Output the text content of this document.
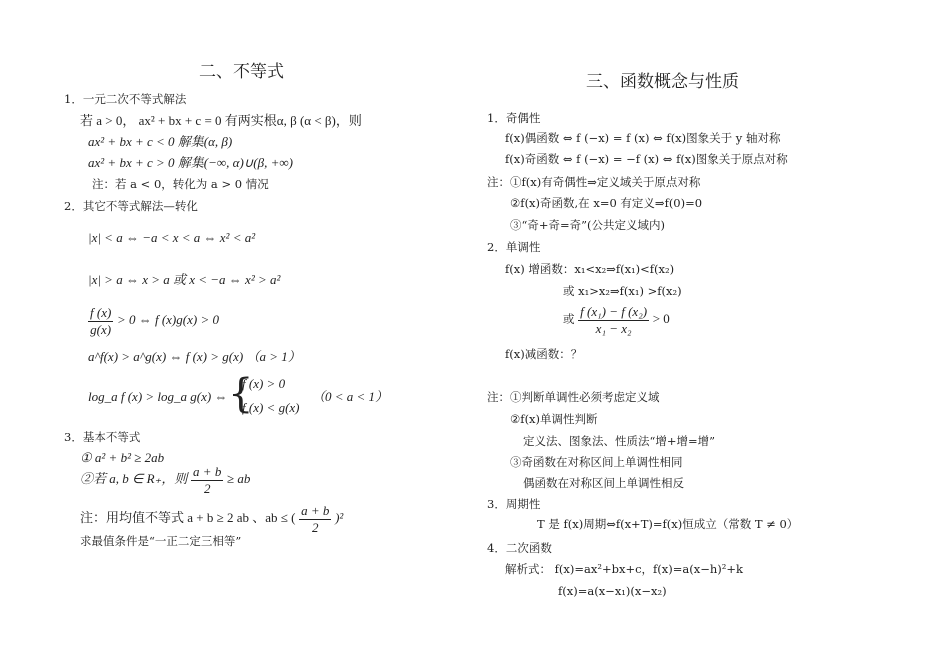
二、不等式
1．一元二次不等式解法
若 a > 0， ax² + bx + c = 0 有两实根α, β (α < β)，则
ax² + bx + c < 0 解集(α, β)
ax² + bx + c > 0 解集(−∞, α)∪(β, +∞)
注：若 a < 0，转化为 a > 0 情况
2．其它不等式解法—转化
|x| < a ⇔ −a < x < a ⇔ x² < a²
|x| > a ⇔ x > a 或 x < −a ⇔ x² > a²
$\frac{f (x)}{g(x)} > 0$ ⇔ f (x)g(x) > 0
a^f(x) > a^g(x) ⇔ f (x) > g(x) （a > 1）
log_a f (x) > log_a g(x) ⇔ {
f (x) > 0
f (x) < g(x)
（0 < a < 1）
3．基本不等式
① a² + b² ≥ 2ab
②若 a, b ∈ R₊，则 $\frac{a + b}{2}$ ≥ ab
注：用均值不等式 a + b ≥ 2 ab 、ab ≤ ( $\frac{a + b}{2} )^2$
求最值条件是“一正二定三相等”
三、函数概念与性质
1．奇偶性
f(x)偶函数 ⇔ f (−x) = f (x) ⇔ f(x)图象关于 y 轴对称
f(x)奇函数 ⇔ f (−x) = −f (x) ⇔ f(x)图象关于原点对称
注：①f(x)有奇偶性⇒定义域关于原点对称
②f(x)奇函数,在 x=0 有定义⇒f(0)=0
③“奇+奇=奇”(公共定义域内)
2．单调性
f(x) 增函数：x₁<x₂⇒f(x₁)<f(x₂)
或 x₁>x₂⇒f(x₁) >f(x₂)
或 $\frac{\text{f (x₁) − f (x₂)}}{\text{x₁ − x₂}} > 0$
f(x)减函数：？
注：①判断单调性必须考虑定义域
②f(x)单调性判断
定义法、图象法、性质法“增+增=增”
③奇函数在对称区间上单调性相同
偶函数在对称区间上单调性相反
3．周期性
T 是 f(x)周期⇔f(x+T)=f(x)恒成立（常数 T ≠ 0）
4．二次函数
解析式： f(x)=ax²+bx+c，f(x)=a(x−h)²+k
f(x)=a(x−x₁)(x−x₂)
